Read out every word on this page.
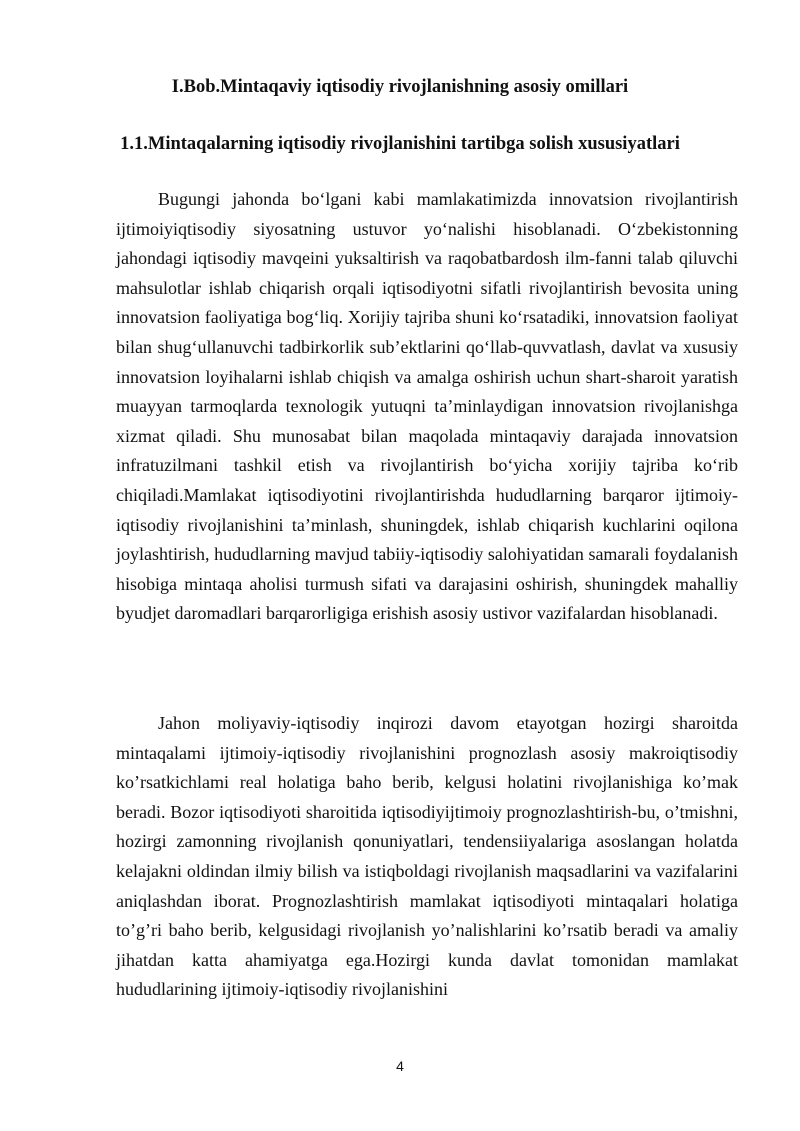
I.Bob.Mintaqaviy iqtisodiy rivojlanishning asosiy omillari
1.1.Mintaqalarning iqtisodiy rivojlanishini tartibga solish xususiyatlari

Bugungi jahonda bo‘lgani kabi mamlakatimizda innovatsion rivojlantirish ijtimoiyiqtisodiy siyosatning ustuvor yo‘nalishi hisoblanadi. O‘zbekistonning jahondagi iqtisodiy mavqeini yuksaltirish va raqobatbardosh ilm-fanni talab qiluvchi mahsulotlar ishlab chiqarish orqali iqtisodiyotni sifatli rivojlantirish bevosita uning innovatsion faoliyatiga bog‘liq. Xorijiy tajriba shuni ko‘rsatadiki, innovatsion faoliyat bilan shug‘ullanuvchi tadbirkorlik sub’ektlarini qo‘llab-quvvatlash, davlat va xususiy innovatsion loyihalarni ishlab chiqish va amalga oshirish uchun shart-sharoit yaratish muayyan tarmoqlarda texnologik yutuqni ta’minlaydigan innovatsion rivojlanishga xizmat qiladi. Shu munosabat bilan maqolada mintaqaviy darajada innovatsion infratuzilmani tashkil etish va rivojlantirish bo‘yicha xorijiy tajriba ko‘rib chiqiladi.Mamlakat iqtisodiyotini rivojlantirishda hududlarning barqaror ijtimoiy-iqtisodiy rivojlanishini ta’minlash, shuningdek, ishlab chiqarish kuchlarini oqilona joylashtirish, hududlarning mavjud tabiiy-iqtisodiy salohiyatidan samarali foydalanish hisobiga mintaqa aholisi turmush sifati va darajasini oshirish, shuningdek mahalliy byudjet daromadlari barqarorligiga erishish asosiy ustivor vazifalardan hisoblanadi.

Jahon moliyaviy-iqtisodiy inqirozi davom etayotgan hozirgi sharoitda mintaqalami ijtimoiy-iqtisodiy rivojlanishini prognozlash asosiy makroiqtisodiy ko’rsatkichlami real holatiga baho berib, kelgusi holatini rivojlanishiga ko’mak beradi. Bozor iqtisodiyoti sharoitida iqtisodiyijtimoiy prognozlashtirish-bu, o’tmishni, hozirgi zamonning rivojlanish qonuniyatlari, tendensiiyalariga asoslangan holatda kelajakni oldindan ilmiy bilish va istiqboldagi rivojlanish maqsadlarini va vazifalarini aniqlashdan iborat. Prognozlashtirish mamlakat iqtisodiyoti mintaqalari holatiga to’g’ri baho berib, kelgusidagi rivojlanish yo’nalishlarini ko’rsatib beradi va amaliy jihatdan katta ahamiyatga ega.Hozirgi kunda davlat tomonidan mamlakat hududlarining ijtimoiy-iqtisodiy rivojlanishini

4
